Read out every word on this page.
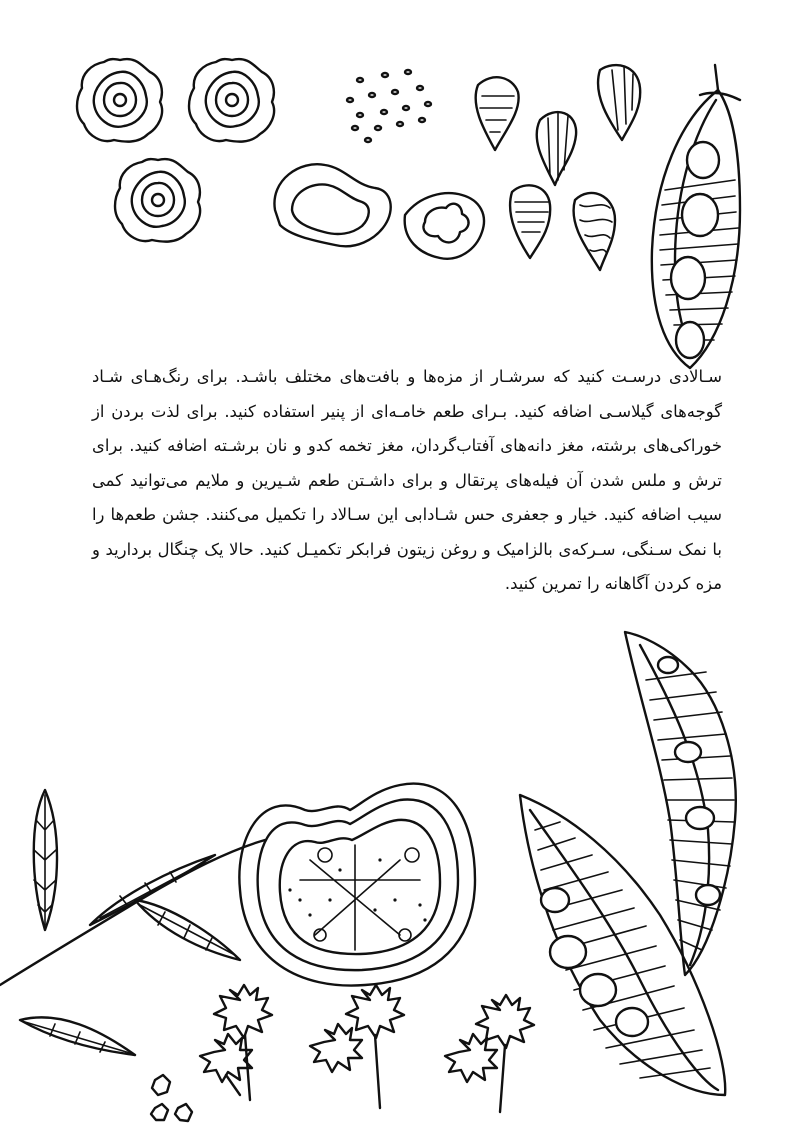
سـالادی درسـت کنید که سرشـار از مزه‌ها و بافت‌های مختلف باشـد. برای رنگ‌هـای شـاد گوجه‌های گیلاسـی اضافه کنید. بـرای طعم خامـه‌ای از پنیر استفاده کنید. برای لذت بردن از خوراکی‌های برشته، مغز دانه‌های آفتاب‌گردان، مغز تخمه کدو و نان برشـته اضافه کنید. برای ترش و ملس شدن آن فیله‌های پرتقال و برای داشـتن طعم شـیرین و ملایم می‌توانید کمی سیب اضافه کنید. خیار و جعفری حس شـادابی این سـالاد را تکمیل می‌کنند. جشن طعم‌ها را با نمک سـنگی، سـرکه‌ی بالزامیک و روغن زیتون فرابکر تکمیـل کنید. حالا یک چنگال بردارید و مزه کردن آگاهانه را تمرین کنید.
